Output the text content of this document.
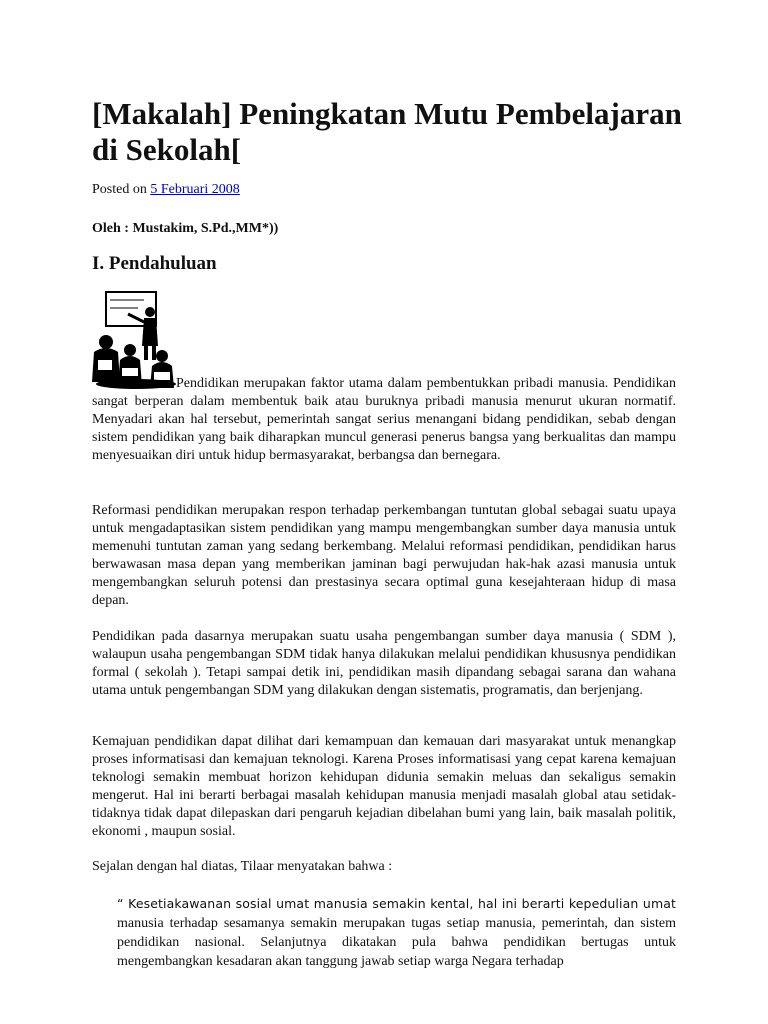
[Makalah] Peningkatan Mutu Pembelajaran di Sekolah[
Posted on 5 Februari 2008
Oleh : Mustakim, S.Pd.,MM*))
I. Pendahuluan

Pendidikan merupakan faktor utama dalam pembentukkan pribadi manusia. Pendidikan sangat berperan dalam membentuk baik atau buruknya pribadi manusia menurut ukuran normatif. Menyadari akan hal tersebut, pemerintah sangat serius menangani bidang pendidikan, sebab dengan sistem pendidikan yang baik diharapkan muncul generasi penerus bangsa yang berkualitas dan mampu menyesuaikan diri untuk hidup bermasyarakat, berbangsa dan bernegara.

Reformasi pendidikan merupakan respon terhadap perkembangan tuntutan global sebagai suatu upaya untuk mengadaptasikan sistem pendidikan yang mampu mengembangkan sumber daya manusia untuk memenuhi tuntutan zaman yang sedang berkembang. Melalui reformasi pendidikan, pendidikan harus berwawasan masa depan yang memberikan jaminan bagi perwujudan hak-hak azasi manusia untuk mengembangkan seluruh potensi dan prestasinya secara optimal guna kesejahteraan hidup di masa depan.

Pendidikan pada dasarnya merupakan suatu usaha pengembangan sumber daya manusia ( SDM ), walaupun usaha pengembangan SDM tidak hanya dilakukan melalui pendidikan khususnya pendidikan formal ( sekolah ). Tetapi sampai detik ini, pendidikan masih dipandang sebagai sarana dan wahana utama untuk pengembangan SDM yang dilakukan dengan sistematis, programatis, dan berjenjang.

Kemajuan pendidikan dapat dilihat dari kemampuan dan kemauan dari masyarakat untuk menangkap proses informatisasi dan kemajuan teknologi. Karena Proses informatisasi yang cepat karena kemajuan teknologi semakin membuat horizon kehidupan didunia semakin meluas dan sekaligus semakin mengerut. Hal ini berarti berbagai masalah kehidupan manusia menjadi masalah global atau setidak-tidaknya tidak dapat dilepaskan dari pengaruh kejadian dibelahan bumi yang lain, baik masalah politik, ekonomi , maupun sosial.

Sejalan dengan hal diatas, Tilaar menyatakan bahwa :

“ Kesetiakawanan sosial umat manusia semakin kental, hal ini berarti kepedulian umat manusia terhadap sesamanya semakin merupakan tugas setiap manusia, pemerintah, dan sistem pendidikan nasional. Selanjutnya dikatakan pula bahwa pendidikan bertugas untuk mengembangkan kesadaran akan tanggung jawab setiap warga Negara terhadap
